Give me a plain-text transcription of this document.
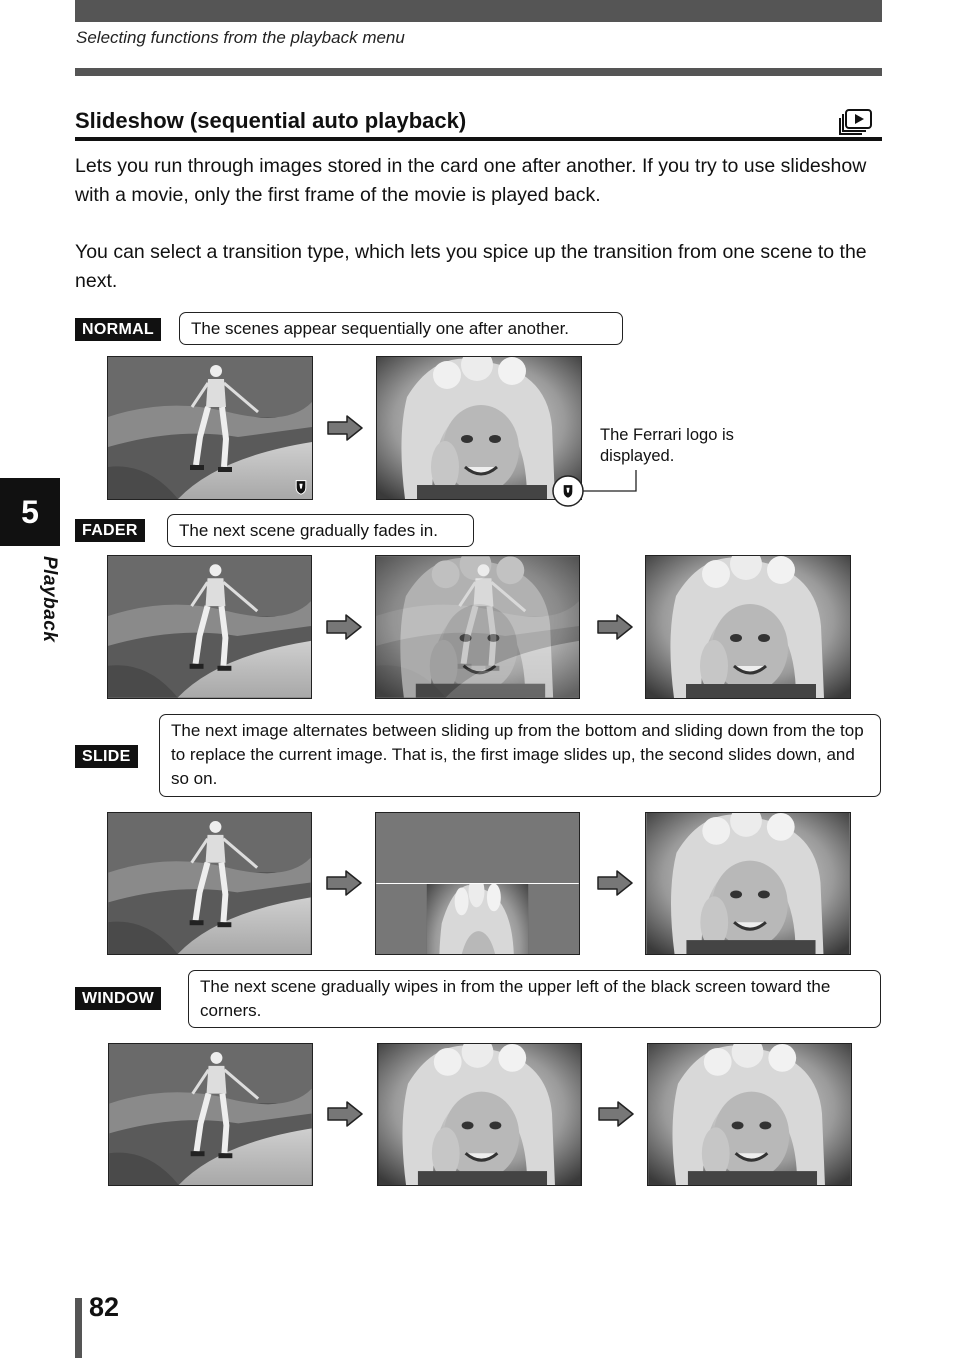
Selecting functions from the playback menu
Slideshow (sequential auto playback)

Lets you run through images stored in the card one after another. If you try to use slideshow with a movie, only the first frame of the movie is played back.

You can select a transition type, which lets you spice up the transition from one scene to the next.

NORMAL	The scenes appear sequentially one after another.
The Ferrari logo is displayed.
FADER	The next scene gradually fades in.
SLIDE
The next image alternates between sliding up from the bottom and sliding down from the top to replace the current image. That is, the first image slides up, the second slides down, and so on.
WINDOW
The next scene gradually wipes in from the upper left of the black screen toward the corners.
5
Playback
82
